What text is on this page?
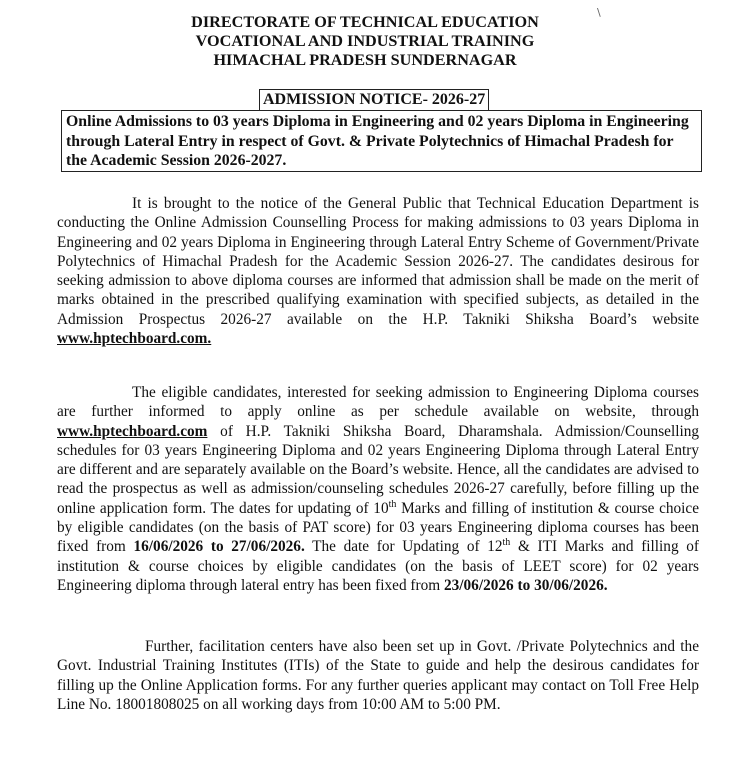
\
DIRECTORATE OF TECHNICAL EDUCATION
VOCATIONAL AND INDUSTRIAL TRAINING
HIMACHAL PRADESH SUNDERNAGAR
ADMISSION NOTICE- 2026-27
Online Admissions to 03 years Diploma in Engineering and 02 years Diploma in Engineering through Lateral Entry in respect of Govt. & Private Polytechnics of Himachal Pradesh for the Academic Session 2026-2027.
It is brought to the notice of the General Public that Technical Education Department is conducting the Online Admission Counselling Process for making admissions to 03 years Diploma in Engineering and 02 years Diploma in Engineering through Lateral Entry Scheme of Government/Private Polytechnics of Himachal Pradesh for the Academic Session 2026-27. The candidates desirous for seeking admission to above diploma courses are informed that admission shall be made on the merit of marks obtained in the prescribed qualifying examination with specified subjects, as detailed in the Admission Prospectus 2026-27 available on the H.P. Takniki Shiksha Board’s website www.hptechboard.com.
The eligible candidates, interested for seeking admission to Engineering Diploma courses are further informed to apply online as per schedule available on website, through www.hptechboard.com of H.P. Takniki Shiksha Board, Dharamshala. Admission/Counselling schedules for 03 years Engineering Diploma and 02 years Engineering Diploma through Lateral Entry are different and are separately available on the Board’s website. Hence, all the candidates are advised to read the prospectus as well as admission/counseling schedules 2026-27 carefully, before filling up the online application form. The dates for updating of 10th Marks and filling of institution & course choice by eligible candidates (on the basis of PAT score) for 03 years Engineering diploma courses has been fixed from 16/06/2026 to 27/06/2026. The date for Updating of 12th & ITI Marks and filling of institution & course choices by eligible candidates (on the basis of LEET score) for 02 years Engineering diploma through lateral entry has been fixed from 23/06/2026 to 30/06/2026.
Further, facilitation centers have also been set up in Govt. /Private Polytechnics and the Govt. Industrial Training Institutes (ITIs) of the State to guide and help the desirous candidates for filling up the Online Application forms. For any further queries applicant may contact on Toll Free Help Line No. 18001808025 on all working days from 10:00 AM to 5:00 PM.
